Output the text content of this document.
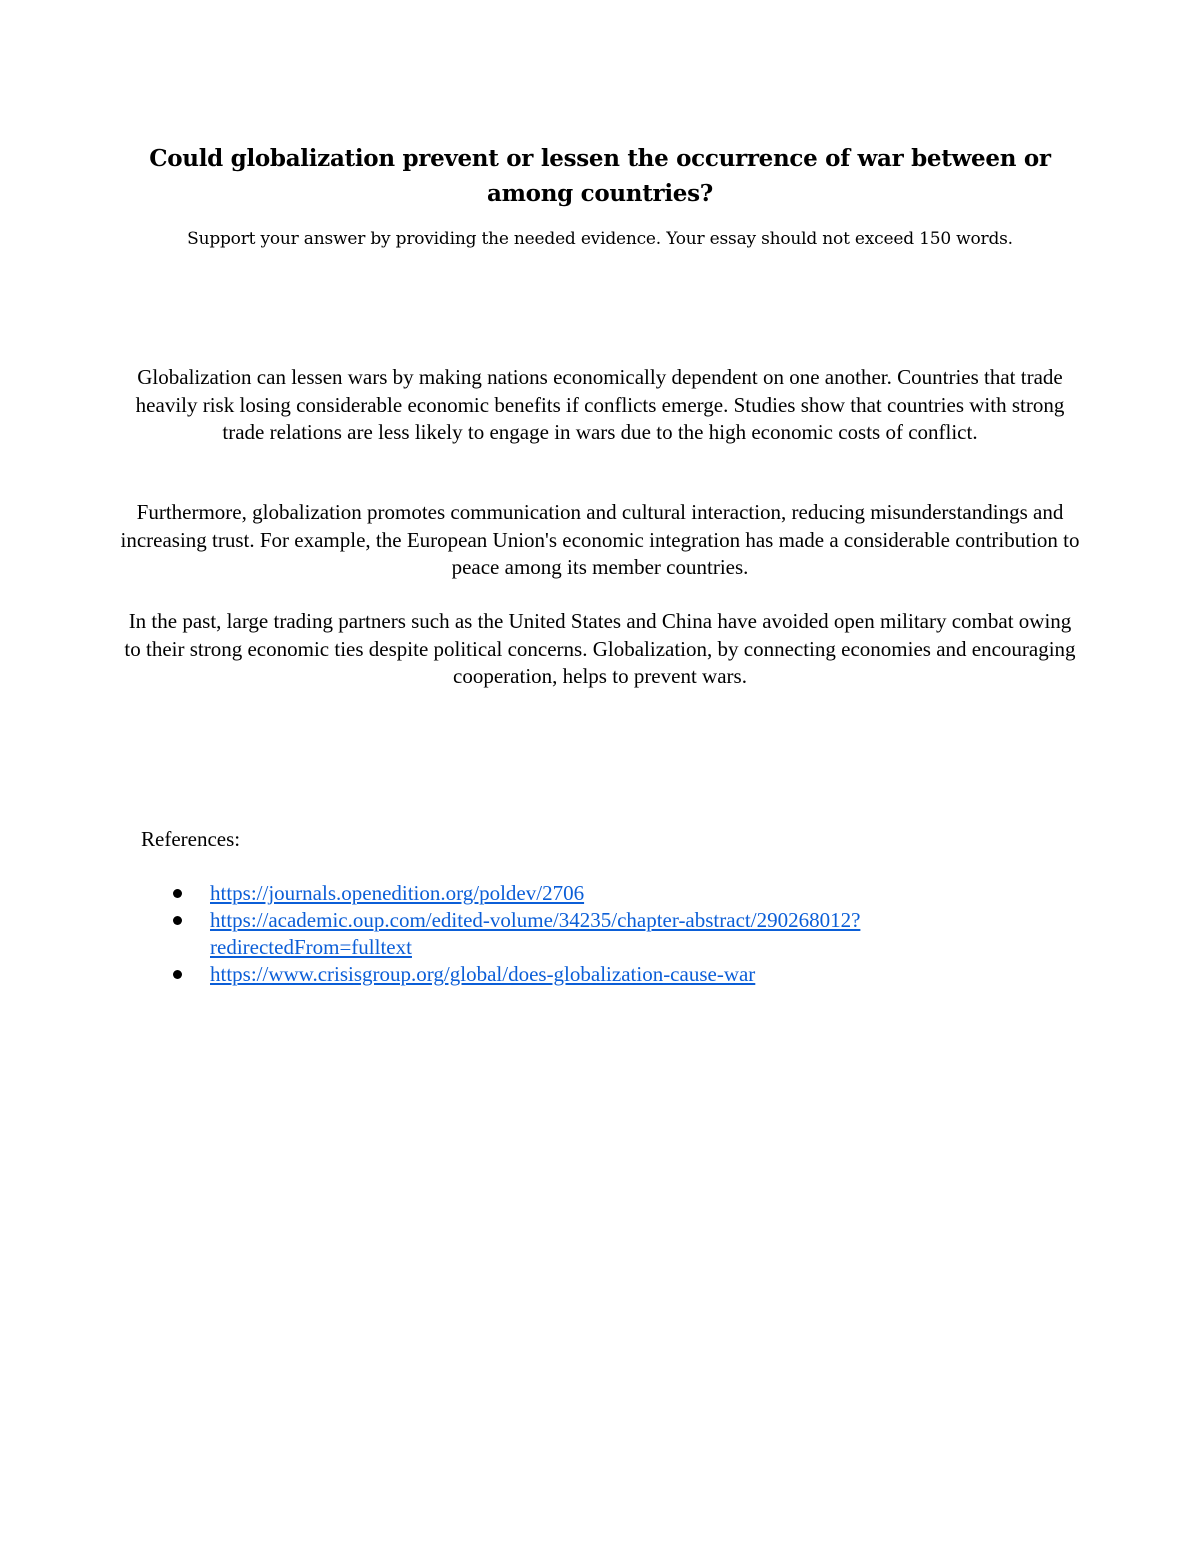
Could globalization prevent or lessen the occurrence of war between or among countries?

Support your answer by providing the needed evidence. Your essay should not exceed 150 words.

Globalization can lessen wars by making nations economically dependent on one another. Countries that trade heavily risk losing considerable economic benefits if conflicts emerge. Studies show that countries with strong trade relations are less likely to engage in wars due to the high economic costs of conflict.

Furthermore, globalization promotes communication and cultural interaction, reducing misunderstandings and increasing trust. For example, the European Union's economic integration has made a considerable contribution to peace among its member countries.

In the past, large trading partners such as the United States and China have avoided open military combat owing to their strong economic ties despite political concerns. Globalization, by connecting economies and encouraging cooperation, helps to prevent wars.

References:

https://journals.openedition.org/poldev/2706
https://academic.oup.com/edited-volume/34235/chapter-abstract/290268012?
redirectedFrom=fulltext
https://www.crisisgroup.org/global/does-globalization-cause-war
